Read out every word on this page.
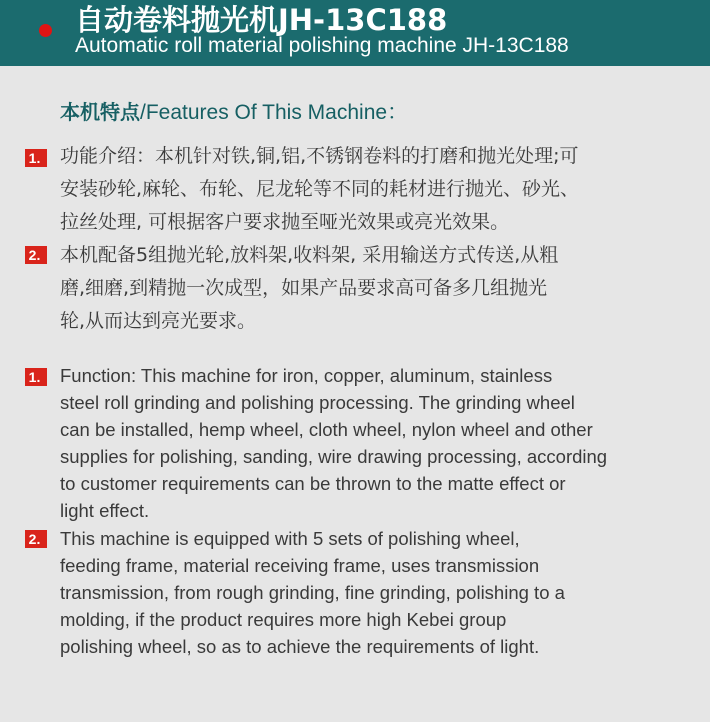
自动卷料抛光机JH-13C188
Automatic roll material polishing machine JH-13C188
本机特点/Features Of This Machine：
1. 功能介绍：本机针对铁,铜,铝,不锈钢卷料的打磨和抛光处理;可
安装砂轮,麻轮、布轮、尼龙轮等不同的耗材进行抛光、砂光、
拉丝处理, 可根据客户要求抛至哑光效果或亮光效果。
2. 本机配备5组抛光轮,放料架,收料架, 采用输送方式传送,从粗
磨,细磨,到精抛一次成型，如果产品要求高可备多几组抛光
轮,从而达到亮光要求。
1. Function: This machine for iron, copper, aluminum, stainless
steel roll grinding and polishing processing. The grinding wheel
can be installed, hemp wheel, cloth wheel, nylon wheel and other
supplies for polishing, sanding, wire drawing processing, according
to customer requirements can be thrown to the matte effect or
light effect.
2. This machine is equipped with 5 sets of polishing wheel,
feeding frame, material receiving frame, uses transmission
transmission, from rough grinding, fine grinding, polishing to a
molding, if the product requires more high Kebei group
polishing wheel, so as to achieve the requirements of light.
